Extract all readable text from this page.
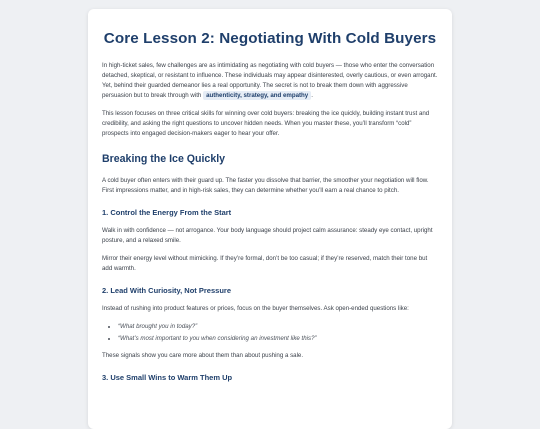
Core Lesson 2: Negotiating With Cold Buyers

In high-ticket sales, few challenges are as intimidating as negotiating with cold buyers — those who enter the conversation detached, skeptical, or resistant to influence. These individuals may appear disinterested, overly cautious, or even arrogant. Yet, behind their guarded demeanor lies a real opportunity. The secret is not to break them down with aggressive persuasion but to break through with authenticity, strategy, and empathy .

This lesson focuses on three critical skills for winning over cold buyers: breaking the ice quickly, building instant trust and credibility, and asking the right questions to uncover hidden needs. When you master these, you’ll transform “cold” prospects into engaged decision-makers eager to hear your offer.

Breaking the Ice Quickly

A cold buyer often enters with their guard up. The faster you dissolve that barrier, the smoother your negotiation will flow. First impressions matter, and in high-risk sales, they can determine whether you’ll earn a real chance to pitch.

1. Control the Energy From the Start

Walk in with confidence — not arrogance. Your body language should project calm assurance: steady eye contact, upright posture, and a relaxed smile.

Mirror their energy level without mimicking. If they’re formal, don’t be too casual; if they’re reserved, match their tone but add warmth.

2. Lead With Curiosity, Not Pressure

Instead of rushing into product features or prices, focus on the buyer themselves. Ask open-ended questions like:

• “What brought you in today?”
• “What’s most important to you when considering an investment like this?”

These signals show you care more about them than about pushing a sale.

3. Use Small Wins to Warm Them Up
